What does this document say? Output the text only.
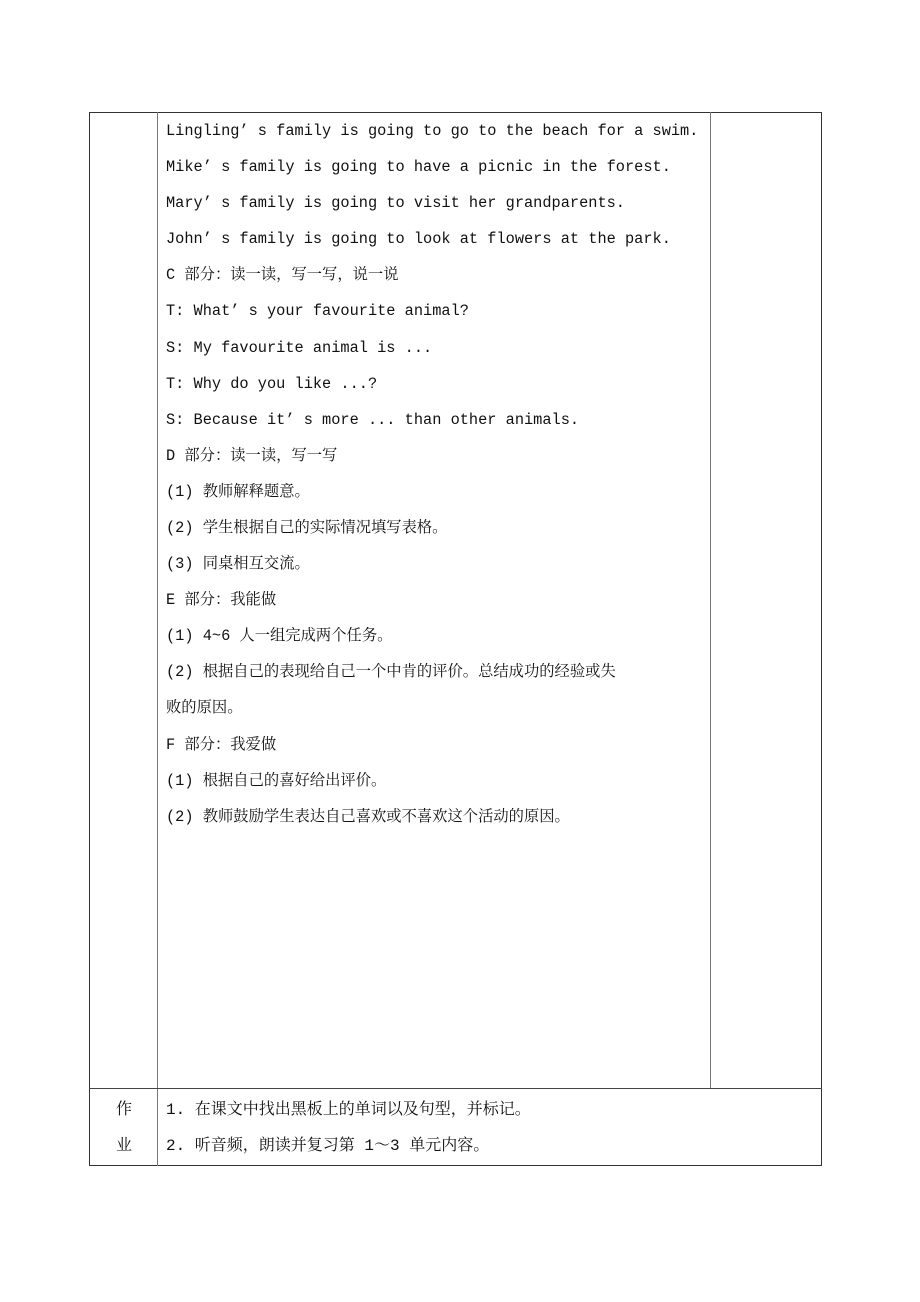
Lingling’ s family is going to go to the beach for a swim.
Mike’ s family is going to have a picnic in the forest.
Mary’ s family is going to visit her grandparents.
John’ s family is going to look at flowers at the park.
C 部分：读一读，写一写，说一说
T: What’ s your favourite animal?
S: My favourite animal is ...
T: Why do you like ...?
S: Because it’ s more ... than other animals.
D 部分：读一读，写一写
(1) 教师解释题意。
(2) 学生根据自己的实际情况填写表格。
(3) 同桌相互交流。
E 部分：我能做
(1) 4~6 人一组完成两个任务。
(2) 根据自己的表现给自己一个中肯的评价。总结成功的经验或失
败的原因。
F 部分：我爱做
(1) 根据自己的喜好给出评价。
(2) 教师鼓励学生表达自己喜欢或不喜欢这个活动的原因。
作
业
1. 在课文中找出黑板上的单词以及句型，并标记。
2. 听音频，朗读并复习第 1～3 单元内容。
